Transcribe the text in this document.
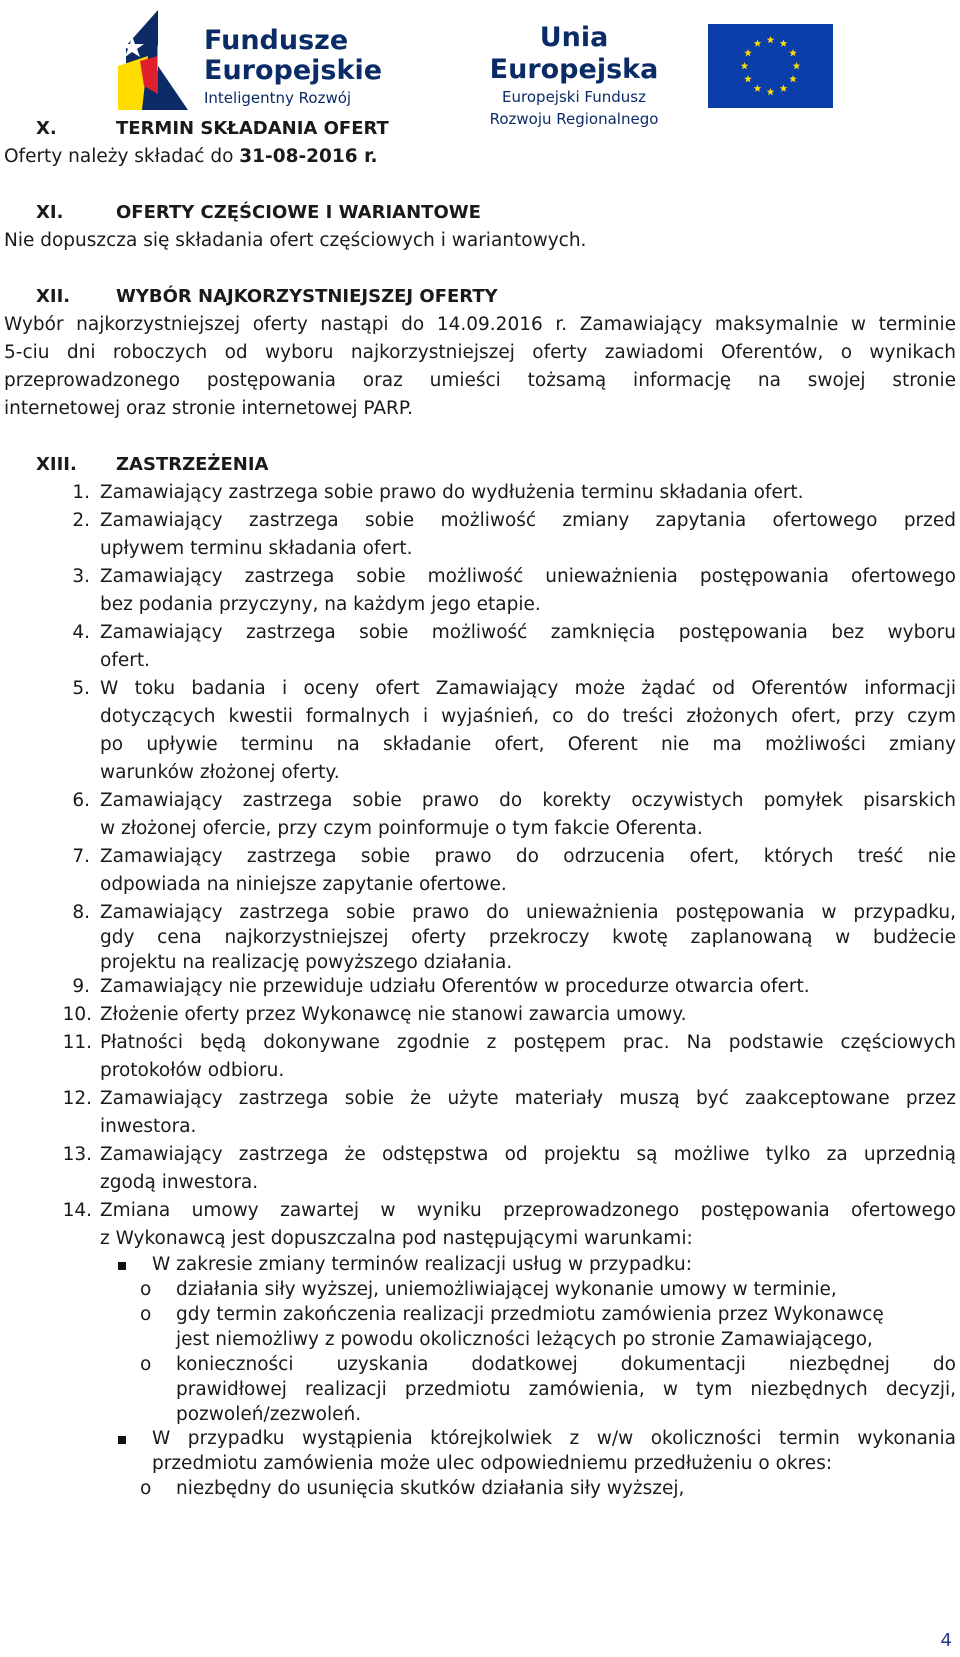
Fundusze
Europejskie
Inteligentny Rozwój
Unia Europejska
Europejski Fundusz
Rozwoju Regionalnego
X.	TERMIN SKŁADANIA OFERT
Oferty należy składać do 31-08-2016 r.
XI.	OFERTY CZĘŚCIOWE I WARIANTOWE
Nie dopuszcza się składania ofert częściowych i wariantowych.
XII.	WYBÓR NAJKORZYSTNIEJSZEJ OFERTY
Wybór najkorzystniejszej oferty nastąpi do 14.09.2016 r. Zamawiający maksymalnie w terminie
5-ciu dni roboczych od wyboru najkorzystniejszej oferty zawiadomi Oferentów, o wynikach
przeprowadzonego postępowania oraz umieści tożsamą informację na swojej stronie
internetowej oraz stronie internetowej PARP.
XIII. ZASTRZEŻENIA
1. Zamawiający zastrzega sobie prawo do wydłużenia terminu składania ofert.
2. Zamawiający zastrzega sobie możliwość zmiany zapytania ofertowego przed
upływem terminu składania ofert.
3. Zamawiający zastrzega sobie możliwość unieważnienia postępowania ofertowego
bez podania przyczyny, na każdym jego etapie.
4. Zamawiający zastrzega sobie możliwość zamknięcia postępowania bez wyboru
ofert.
5. W toku badania i oceny ofert Zamawiający może żądać od Oferentów informacji
dotyczących kwestii formalnych i wyjaśnień, co do treści złożonych ofert, przy czym
po upływie terminu na składanie ofert, Oferent nie ma możliwości zmiany
warunków złożonej oferty.
6. Zamawiający zastrzega sobie prawo do korekty oczywistych pomyłek pisarskich
w złożonej ofercie, przy czym poinformuje o tym fakcie Oferenta.
7. Zamawiający zastrzega sobie prawo do odrzucenia ofert, których treść nie
odpowiada na niniejsze zapytanie ofertowe.
8. Zamawiający zastrzega sobie prawo do unieważnienia postępowania w przypadku,
gdy cena najkorzystniejszej oferty przekroczy kwotę zaplanowaną w budżecie
projektu na realizację powyższego działania.
9. Zamawiający nie przewiduje udziału Oferentów w procedurze otwarcia ofert.
10. Złożenie oferty przez Wykonawcę nie stanowi zawarcia umowy.
11. Płatności będą dokonywane zgodnie z postępem prac. Na podstawie częściowych
protokołów odbioru.
12. Zamawiający zastrzega sobie że użyte materiały muszą być zaakceptowane przez
inwestora.
13. Zamawiający zastrzega że odstępstwa od projektu są możliwe tylko za uprzednią
zgodą inwestora.
14. Zmiana umowy zawartej w wyniku przeprowadzonego postępowania ofertowego
z Wykonawcą jest dopuszczalna pod następującymi warunkami:
W zakresie zmiany terminów realizacji usług w przypadku:
o działania siły wyższej, uniemożliwiającej wykonanie umowy w terminie,
o gdy termin zakończenia realizacji przedmiotu zamówienia przez Wykonawcę
jest niemożliwy z powodu okoliczności leżących po stronie Zamawiającego,
o konieczności uzyskania dodatkowej dokumentacji niezbędnej do
prawidłowej realizacji przedmiotu zamówienia, w tym niezbędnych decyzji,
pozwoleń/zezwoleń.
W przypadku wystąpienia którejkolwiek z w/w okoliczności termin wykonania
przedmiotu zamówienia może ulec odpowiedniemu przedłużeniu o okres:
o niezbędny do usunięcia skutków działania siły wyższej,
4
